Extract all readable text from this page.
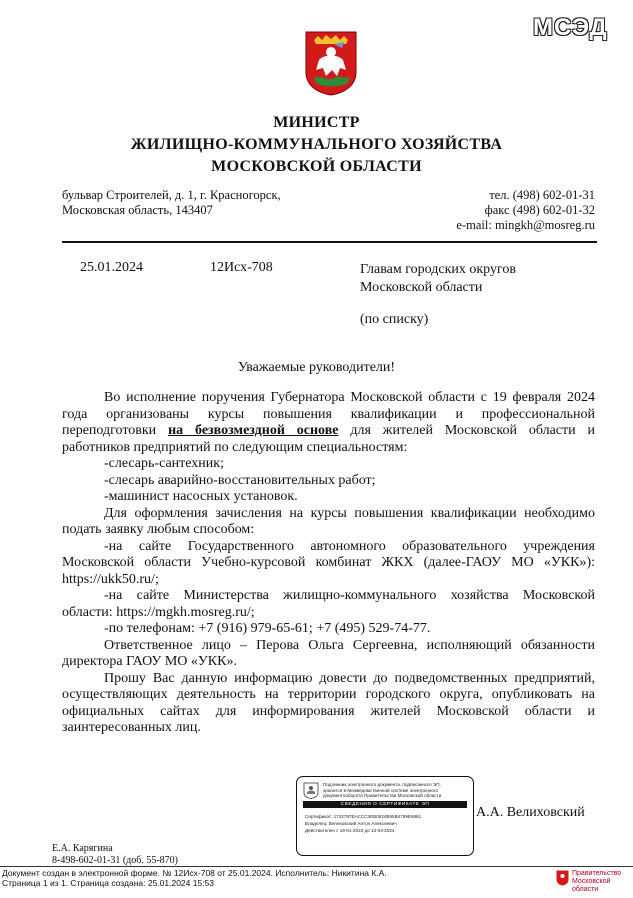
МСЭД
МИНИСТР
ЖИЛИЩНО-КОММУНАЛЬНОГО ХОЗЯЙСТВА
МОСКОВСКОЙ ОБЛАСТИ
бульвар Строителей, д. 1, г. Красногорск,
Московская область, 143407
тел. (498) 602-01-31
факс (498) 602-01-32
e-mail: mingkh@mosreg.ru
25.01.2024	12Исх-708	Главам городских округов
Московской области
(по списку)
Уважаемые руководители!

Во исполнение поручения Губернатора Московской области с 19 февраля 2024 года организованы курсы повышения квалификации и профессиональной переподготовки на безвозмездной основе для жителей Московской области и работников предприятий по следующим специальностям:

-слесарь-сантехник;

-слесарь аварийно-восстановительных работ;

-машинист насосных установок.

Для оформления зачисления на курсы повышения квалификации необходимо подать заявку любым способом:

-на сайте Государственного автономного образовательного учреждения Московской области Учебно-курсовой комбинат ЖКХ (далее-ГАОУ МО «УКК»): https://ukk50.ru/;

-на сайте Министерства жилищно-коммунального хозяйства Московской области: https://mgkh.mosreg.ru/;

-по телефонам: +7 (916) 979-65-61; +7 (495) 529-74-77.

Ответственное лицо – Перова Ольга Сергеевна, исполняющий обязанности директора ГАОУ МО «УКК».

Прошу Вас данную информацию довести до подведомственных предприятий, осуществляющих деятельность на территории городского округа, опубликовать на официальных сайтах для информирования жителей Московской области и заинтересованных лиц.

Подлинник электронного документа, подписанного ЭП,
хранится в Межведомственной системе электронного
документооборота Правительства Московской области
СВЕДЕНИЯ О СЕРТИФИКАТЕ ЭП
Сертификат: 1742797EACCC4EB0924B95B4799E6961
Владелец: Велиховский Антон Алексеевич
Действителен с 19-01-2023 до 13-04-2024
А.А. Велиховский
Е.А. Карягина
8-498-602-01-31 (доб. 55-870)
Документ создан в электронной форме. № 12Исх-708 от 25.01.2024. Исполнитель: Никитина К.А.
Страница 1 из 1. Страница создана: 25.01.2024 15:53
Правительство
Московской области
